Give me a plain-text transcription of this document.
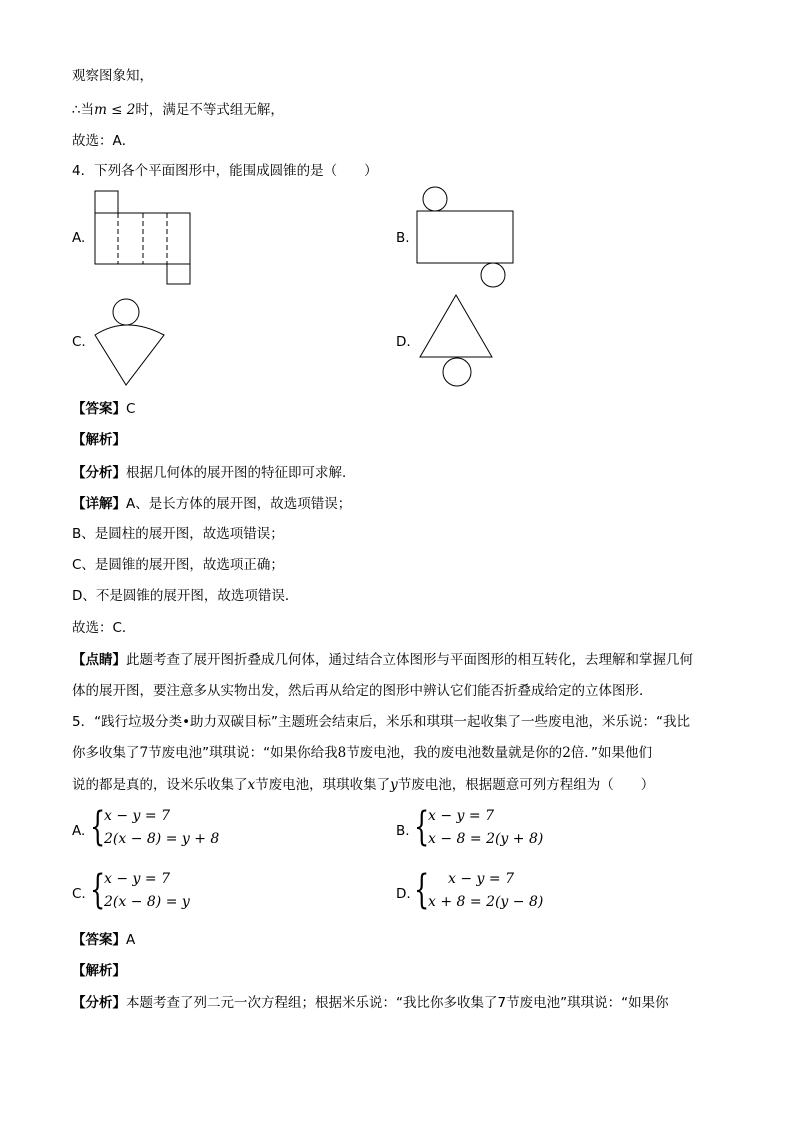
观察图象知，
∴当m ≤ 2时，满足不等式组无解，
故选：A．
4．下列各个平面图形中，能围成圆锥的是（　　）
A.	B.
C.	D.
【答案】C
【解析】
【分析】根据几何体的展开图的特征即可求解．
【详解】A、是长方体的展开图，故选项错误；
B、是圆柱的展开图，故选项错误；
C、是圆锥的展开图，故选项正确；
D、不是圆锥的展开图，故选项错误．
故选：C．
【点睛】此题考查了展开图折叠成几何体，通过结合立体图形与平面图形的相互转化，去理解和掌握几何
体的展开图，要注意多从实物出发，然后再从给定的图形中辨认它们能否折叠成给定的立体图形．
5．“践行垃圾分类•助力双碳目标”主题班会结束后，米乐和琪琪一起收集了一些废电池，米乐说：“我比
你多收集了7节废电池”琪琪说：“如果你给我8节废电池，我的废电池数量就是你的2倍．”如果他们
说的都是真的，设米乐收集了x节废电池，琪琪收集了y节废电池，根据题意可列方程组为（　　）
A. {
x − y = 7
2(x − 8) = y + 8	B. {
x − y = 7
x − 8 = 2(y + 8)
C. {
x − y = 7
2(x − 8) = y	D. { x − y = 7
x + 8 = 2(y − 8)
【答案】A
【解析】
【分析】本题考查了列二元一次方程组；根据米乐说：“我比你多收集了7节废电池”琪琪说：“如果你
